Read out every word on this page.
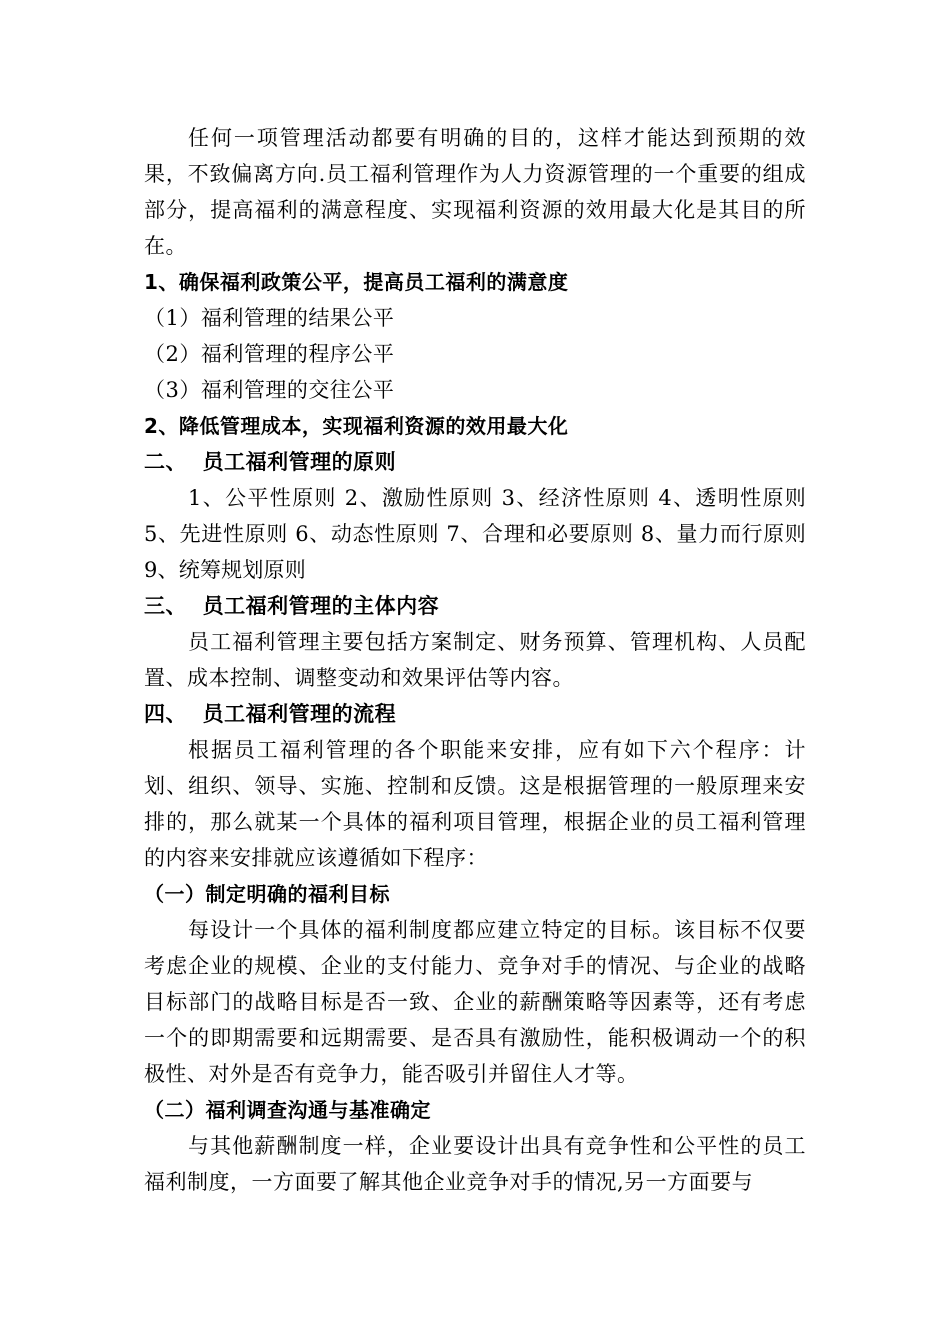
任何一项管理活动都要有明确的目的，这样才能达到预期的效果，不致偏离方向.员工福利管理作为人力资源管理的一个重要的组成部分，提高福利的满意程度、实现福利资源的效用最大化是其目的所在。

1、确保福利政策公平，提高员工福利的满意度

（1）福利管理的结果公平

（2）福利管理的程序公平

（3）福利管理的交往公平

2、降低管理成本，实现福利资源的效用最大化

二、  员工福利管理的原则

1、公平性原则 2、激励性原则 3、经济性原则 4、透明性原则 5、先进性原则 6、动态性原则 7、合理和必要原则 8、量力而行原则 9、统筹规划原则

三、  员工福利管理的主体内容

员工福利管理主要包括方案制定、财务预算、管理机构、人员配置、成本控制、调整变动和效果评估等内容。

四、  员工福利管理的流程

根据员工福利管理的各个职能来安排，应有如下六个程序：计划、组织、领导、实施、控制和反馈。这是根据管理的一般原理来安排的，那么就某一个具体的福利项目管理，根据企业的员工福利管理的内容来安排就应该遵循如下程序：

（一）制定明确的福利目标

每设计一个具体的福利制度都应建立特定的目标。该目标不仅要考虑企业的规模、企业的支付能力、竞争对手的情况、与企业的战略目标部门的战略目标是否一致、企业的薪酬策略等因素等，还有考虑一个的即期需要和远期需要、是否具有激励性，能积极调动一个的积极性、对外是否有竞争力，能否吸引并留住人才等。

（二）福利调查沟通与基准确定

与其他薪酬制度一样，企业要设计出具有竞争性和公平性的员工福利制度，一方面要了解其他企业竞争对手的情况,另一方面要与
